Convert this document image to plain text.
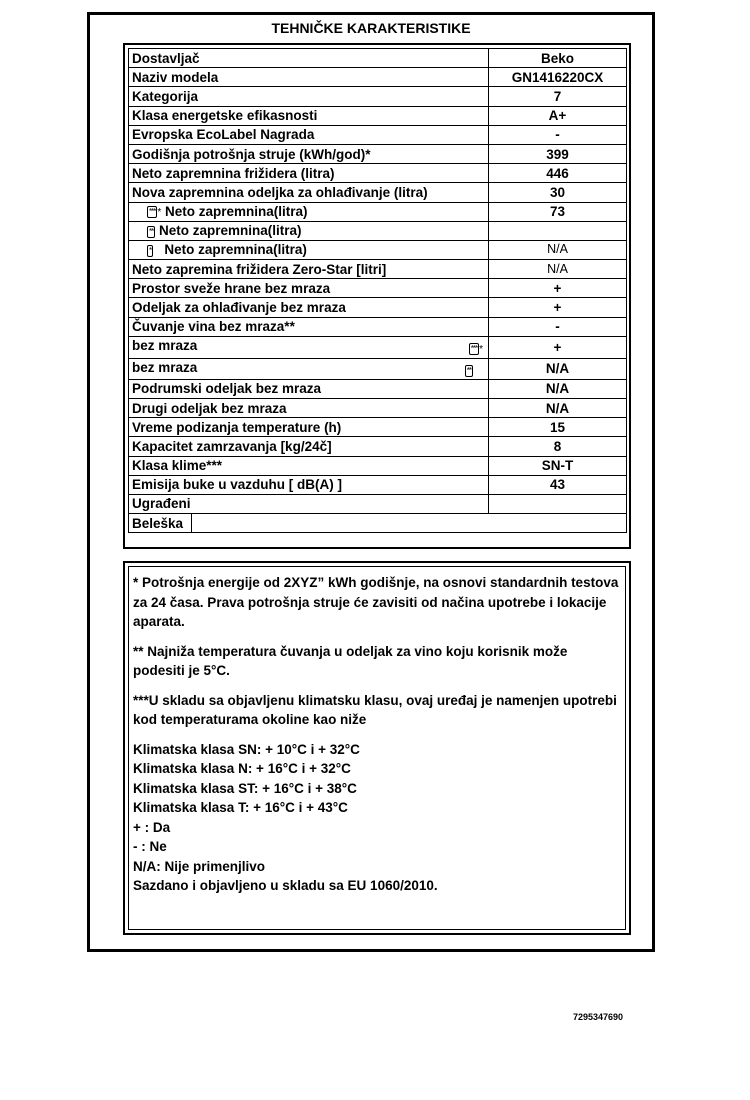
TEHNIČKE KARAKTERISTIKE
Dostavljač	Beko
Naziv modela	GN1416220CX
Kategorija	7
Klasa energetske efikasnosti	A+
Evropska EcoLabel Nagrada	-
Godišnja potrošnja struje (kWh/god)*	399
Neto zapremnina frižidera (litra)	446
Nova zapremnina odeljka za ohlađivanje (litra)	30
*** * Neto zapremnina(litra)	73
** Neto zapremnina(litra)	
* Neto zapremnina(litra)	N/A
Neto zapremina frižidera Zero-Star [litri]	N/A
Prostor sveže hrane bez mraza	+
Odeljak za ohlađivanje bez mraza	+
Čuvanje vina bez mraza**	-
bez mraza *** *	+
bez mraza **	N/A
Podrumski odeljak bez mraza	N/A
Drugi odeljak bez mraza	N/A
Vreme podizanja temperature (h)	15
Kapacitet zamrzavanja [kg/24č]	8
Klasa klime***	SN-T
Emisija buke u vazduhu [ dB(A) ]	43
Ugrađeni	
Beleška	

* Potrošnja energije od 2XYZ” kWh godišnje, na osnovi standardnih testova za 24 časa. Prava potrošnja struje će zavisiti od načina upotrebe i lokacije aparata.

** Najniža temperatura čuvanja u odeljak za vino koju korisnik može podesiti je 5°C.

***U skladu sa objavljenu klimatsku klasu, ovaj uređaj je namenjen upotrebi kod temperaturama okoline kao niže

Klimatska klasa SN: + 10°C i + 32°C

Klimatska klasa N: + 16°C i + 32°C

Klimatska klasa ST: + 16°C i + 38°C

Klimatska klasa T: + 16°C i + 43°C

+ : Da

- : Ne

N/A: Nije primenjlivo

Sazdano i objavljeno u skladu sa EU 1060/2010.

7295347690
